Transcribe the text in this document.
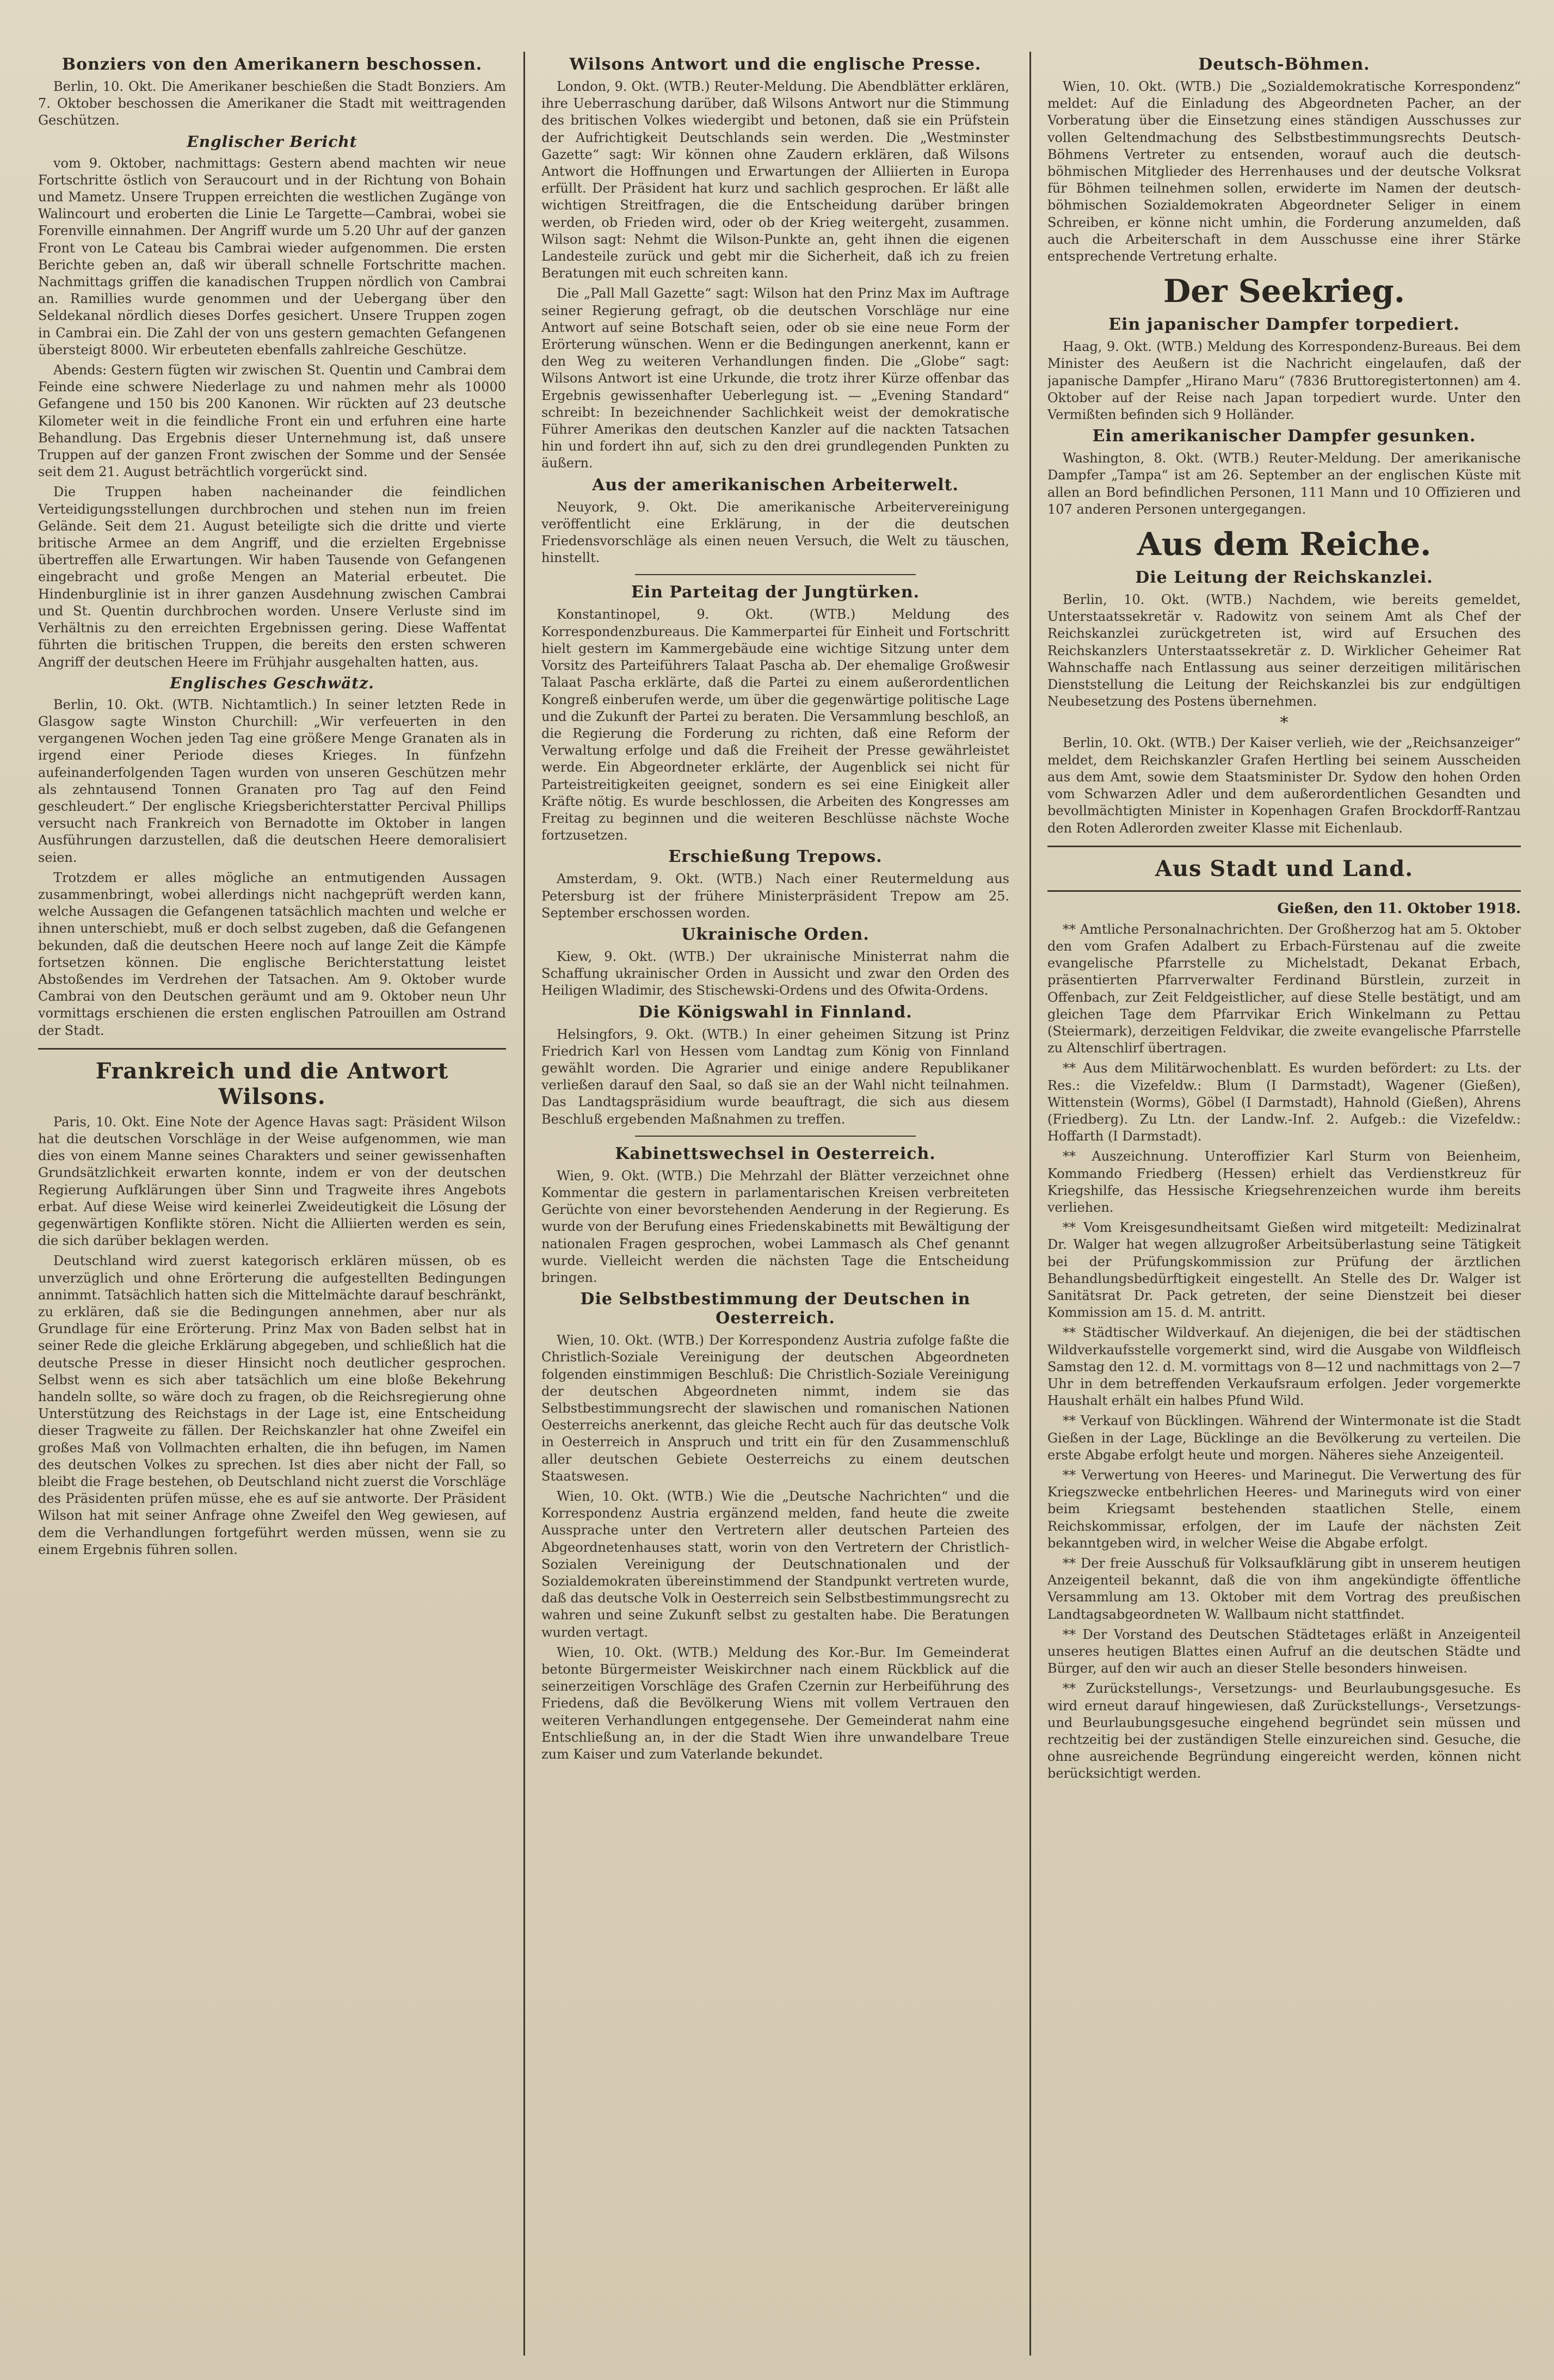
Bonziers von den Amerikanern beschossen.
Berlin, 10. Okt. Die Amerikaner beschießen die Stadt Bonziers. Am 7. Oktober beschossen die Amerikaner die Stadt mit weittragenden Geschützen.
Englischer Bericht
vom 9. Oktober, nachmittags: Gestern abend machten wir neue Fortschritte östlich von Seraucourt und in der Richtung von Bohain und Mametz. Unsere Truppen erreichten die westlichen Zugänge von Walincourt und eroberten die Linie Le Targette—Cambrai, wobei sie Forenville einnahmen. Der Angriff wurde um 5.20 Uhr auf der ganzen Front von Le Cateau bis Cambrai wieder aufgenommen. Die ersten Berichte geben an, daß wir überall schnelle Fortschritte machen. Nachmittags griffen die kanadischen Truppen nördlich von Cambrai an. Ramillies wurde genommen und der Uebergang über den Seldekanal nördlich dieses Dorfes gesichert. Unsere Truppen zogen in Cambrai ein. Die Zahl der von uns gestern gemachten Gefangenen übersteigt 8000. Wir erbeuteten ebenfalls zahlreiche Geschütze.
Abends: Gestern fügten wir zwischen St. Quentin und Cambrai dem Feinde eine schwere Niederlage zu und nahmen mehr als 10000 Gefangene und 150 bis 200 Kanonen. Wir rückten auf 23 deutsche Kilometer weit in die feindliche Front ein und erfuhren eine harte Behandlung. Das Ergebnis dieser Unternehmung ist, daß unsere Truppen auf der ganzen Front zwischen der Somme und der Sensée seit dem 21. August beträchtlich vorgerückt sind.
Die Truppen haben nacheinander die feindlichen Verteidigungsstellungen durchbrochen und stehen nun im freien Gelände. Seit dem 21. August beteiligte sich die dritte und vierte britische Armee an dem Angriff, und die erzielten Ergebnisse übertreffen alle Erwartungen. Wir haben Tausende von Gefangenen eingebracht und große Mengen an Material erbeutet. Die Hindenburglinie ist in ihrer ganzen Ausdehnung zwischen Cambrai und St. Quentin durchbrochen worden. Unsere Verluste sind im Verhältnis zu den erreichten Ergebnissen gering. Diese Waffentat führten die britischen Truppen, die bereits den ersten schweren Angriff der deutschen Heere im Frühjahr ausgehalten hatten, aus.
Englisches Geschwätz.
Berlin, 10. Okt. (WTB. Nichtamtlich.) In seiner letzten Rede in Glasgow sagte Winston Churchill: „Wir verfeuerten in den vergangenen Wochen jeden Tag eine größere Menge Granaten als in irgend einer Periode dieses Krieges. In fünfzehn aufeinanderfolgenden Tagen wurden von unseren Geschützen mehr als zehntausend Tonnen Granaten pro Tag auf den Feind geschleudert.“ Der englische Kriegsberichterstatter Percival Phillips versucht nach Frankreich von Bernadotte im Oktober in langen Ausführungen darzustellen, daß die deutschen Heere demoralisiert seien.
Trotzdem er alles mögliche an entmutigenden Aussagen zusammenbringt, wobei allerdings nicht nachgeprüft werden kann, welche Aussagen die Gefangenen tatsächlich machten und welche er ihnen unterschiebt, muß er doch selbst zugeben, daß die Gefangenen bekunden, daß die deutschen Heere noch auf lange Zeit die Kämpfe fortsetzen können. Die englische Berichterstattung leistet Abstoßendes im Verdrehen der Tatsachen. Am 9. Oktober wurde Cambrai von den Deutschen geräumt und am 9. Oktober neun Uhr vormittags erschienen die ersten englischen Patrouillen am Ostrand der Stadt.
Frankreich und die Antwort Wilsons.
Paris, 10. Okt. Eine Note der Agence Havas sagt: Präsident Wilson hat die deutschen Vorschläge in der Weise aufgenommen, wie man dies von einem Manne seines Charakters und seiner gewissenhaften Grundsätzlichkeit erwarten konnte, indem er von der deutschen Regierung Aufklärungen über Sinn und Tragweite ihres Angebots erbat. Auf diese Weise wird keinerlei Zweideutigkeit die Lösung der gegenwärtigen Konflikte stören. Nicht die Alliierten werden es sein, die sich darüber beklagen werden.
Deutschland wird zuerst kategorisch erklären müssen, ob es unverzüglich und ohne Erörterung die aufgestellten Bedingungen annimmt. Tatsächlich hatten sich die Mittelmächte darauf beschränkt, zu erklären, daß sie die Bedingungen annehmen, aber nur als Grundlage für eine Erörterung. Prinz Max von Baden selbst hat in seiner Rede die gleiche Erklärung abgegeben, und schließlich hat die deutsche Presse in dieser Hinsicht noch deutlicher gesprochen. Selbst wenn es sich aber tatsächlich um eine bloße Bekehrung handeln sollte, so wäre doch zu fragen, ob die Reichsregierung ohne Unterstützung des Reichstags in der Lage ist, eine Entscheidung dieser Tragweite zu fällen. Der Reichskanzler hat ohne Zweifel ein großes Maß von Vollmachten erhalten, die ihn befugen, im Namen des deutschen Volkes zu sprechen. Ist dies aber nicht der Fall, so bleibt die Frage bestehen, ob Deutschland nicht zuerst die Vorschläge des Präsidenten prüfen müsse, ehe es auf sie antworte. Der Präsident Wilson hat mit seiner Anfrage ohne Zweifel den Weg gewiesen, auf dem die Verhandlungen fortgeführt werden müssen, wenn sie zu einem Ergebnis führen sollen.
Wilsons Antwort und die englische Presse.
London, 9. Okt. (WTB.) Reuter-Meldung. Die Abendblätter erklären, ihre Ueberraschung darüber, daß Wilsons Antwort nur die Stimmung des britischen Volkes wiedergibt und betonen, daß sie ein Prüfstein der Aufrichtigkeit Deutschlands sein werden. Die „Westminster Gazette“ sagt: Wir können ohne Zaudern erklären, daß Wilsons Antwort die Hoffnungen und Erwartungen der Alliierten in Europa erfüllt. Der Präsident hat kurz und sachlich gesprochen. Er läßt alle wichtigen Streitfragen, die die Entscheidung darüber bringen werden, ob Frieden wird, oder ob der Krieg weitergeht, zusammen. Wilson sagt: Nehmt die Wilson-Punkte an, geht ihnen die eigenen Landesteile zurück und gebt mir die Sicherheit, daß ich zu freien Beratungen mit euch schreiten kann.
Die „Pall Mall Gazette“ sagt: Wilson hat den Prinz Max im Auftrage seiner Regierung gefragt, ob die deutschen Vorschläge nur eine Antwort auf seine Botschaft seien, oder ob sie eine neue Form der Erörterung wünschen. Wenn er die Bedingungen anerkennt, kann er den Weg zu weiteren Verhandlungen finden. Die „Globe“ sagt: Wilsons Antwort ist eine Urkunde, die trotz ihrer Kürze offenbar das Ergebnis gewissenhafter Ueberlegung ist. — „Evening Standard“ schreibt: In bezeichnender Sachlichkeit weist der demokratische Führer Amerikas den deutschen Kanzler auf die nackten Tatsachen hin und fordert ihn auf, sich zu den drei grundlegenden Punkten zu äußern.
Aus der amerikanischen Arbeiterwelt.
Neuyork, 9. Okt. Die amerikanische Arbeitervereinigung veröffentlicht eine Erklärung, in der die deutschen Friedensvorschläge als einen neuen Versuch, die Welt zu täuschen, hinstellt.
Ein Parteitag der Jungtürken.
Konstantinopel, 9. Okt. (WTB.) Meldung des Korrespondenzbureaus. Die Kammerpartei für Einheit und Fortschritt hielt gestern im Kammergebäude eine wichtige Sitzung unter dem Vorsitz des Parteiführers Talaat Pascha ab. Der ehemalige Großwesir Talaat Pascha erklärte, daß die Partei zu einem außerordentlichen Kongreß einberufen werde, um über die gegenwärtige politische Lage und die Zukunft der Partei zu beraten. Die Versammlung beschloß, an die Regierung die Forderung zu richten, daß eine Reform der Verwaltung erfolge und daß die Freiheit der Presse gewährleistet werde. Ein Abgeordneter erklärte, der Augenblick sei nicht für Parteistreitigkeiten geeignet, sondern es sei eine Einigkeit aller Kräfte nötig. Es wurde beschlossen, die Arbeiten des Kongresses am Freitag zu beginnen und die weiteren Beschlüsse nächste Woche fortzusetzen.
Erschießung Trepows.
Amsterdam, 9. Okt. (WTB.) Nach einer Reutermeldung aus Petersburg ist der frühere Ministerpräsident Trepow am 25. September erschossen worden.
Ukrainische Orden.
Kiew, 9. Okt. (WTB.) Der ukrainische Ministerrat nahm die Schaffung ukrainischer Orden in Aussicht und zwar den Orden des Heiligen Wladimir, des Stischewski-Ordens und des Ofwita-Ordens.
Die Königswahl in Finnland.
Helsingfors, 9. Okt. (WTB.) In einer geheimen Sitzung ist Prinz Friedrich Karl von Hessen vom Landtag zum König von Finnland gewählt worden. Die Agrarier und einige andere Republikaner verließen darauf den Saal, so daß sie an der Wahl nicht teilnahmen. Das Landtagspräsidium wurde beauftragt, die sich aus diesem Beschluß ergebenden Maßnahmen zu treffen.
Kabinettswechsel in Oesterreich.
Wien, 9. Okt. (WTB.) Die Mehrzahl der Blätter verzeichnet ohne Kommentar die gestern in parlamentarischen Kreisen verbreiteten Gerüchte von einer bevorstehenden Aenderung in der Regierung. Es wurde von der Berufung eines Friedenskabinetts mit Bewältigung der nationalen Fragen gesprochen, wobei Lammasch als Chef genannt wurde. Vielleicht werden die nächsten Tage die Entscheidung bringen.
Die Selbstbestimmung der Deutschen in Oesterreich.
Wien, 10. Okt. (WTB.) Der Korrespondenz Austria zufolge faßte die Christlich-Soziale Vereinigung der deutschen Abgeordneten folgenden einstimmigen Beschluß: Die Christlich-Soziale Vereinigung der deutschen Abgeordneten nimmt, indem sie das Selbstbestimmungsrecht der slawischen und romanischen Nationen Oesterreichs anerkennt, das gleiche Recht auch für das deutsche Volk in Oesterreich in Anspruch und tritt ein für den Zusammenschluß aller deutschen Gebiete Oesterreichs zu einem deutschen Staatswesen.
Wien, 10. Okt. (WTB.) Wie die „Deutsche Nachrichten“ und die Korrespondenz Austria ergänzend melden, fand heute die zweite Aussprache unter den Vertretern aller deutschen Parteien des Abgeordnetenhauses statt, worin von den Vertretern der Christlich-Sozialen Vereinigung der Deutschnationalen und der Sozialdemokraten übereinstimmend der Standpunkt vertreten wurde, daß das deutsche Volk in Oesterreich sein Selbstbestimmungsrecht zu wahren und seine Zukunft selbst zu gestalten habe. Die Beratungen wurden vertagt.
Wien, 10. Okt. (WTB.) Meldung des Kor.-Bur. Im Gemeinderat betonte Bürgermeister Weiskirchner nach einem Rückblick auf die seinerzeitigen Vorschläge des Grafen Czernin zur Herbeiführung des Friedens, daß die Bevölkerung Wiens mit vollem Vertrauen den weiteren Verhandlungen entgegensehe. Der Gemeinderat nahm eine Entschließung an, in der die Stadt Wien ihre unwandelbare Treue zum Kaiser und zum Vaterlande bekundet.
Deutsch-Böhmen.
Wien, 10. Okt. (WTB.) Die „Sozialdemokratische Korrespondenz“ meldet: Auf die Einladung des Abgeordneten Pacher, an der Vorberatung über die Einsetzung eines ständigen Ausschusses zur vollen Geltendmachung des Selbstbestimmungsrechts Deutsch-Böhmens Vertreter zu entsenden, worauf auch die deutsch-böhmischen Mitglieder des Herrenhauses und der deutsche Volksrat für Böhmen teilnehmen sollen, erwiderte im Namen der deutsch-böhmischen Sozialdemokraten Abgeordneter Seliger in einem Schreiben, er könne nicht umhin, die Forderung anzumelden, daß auch die Arbeiterschaft in dem Ausschusse eine ihrer Stärke entsprechende Vertretung erhalte.
Der Seekrieg.
Ein japanischer Dampfer torpediert.
Haag, 9. Okt. (WTB.) Meldung des Korrespondenz-Bureaus. Bei dem Minister des Aeußern ist die Nachricht eingelaufen, daß der japanische Dampfer „Hirano Maru“ (7836 Bruttoregistertonnen) am 4. Oktober auf der Reise nach Japan torpediert wurde. Unter den Vermißten befinden sich 9 Holländer.
Ein amerikanischer Dampfer gesunken.
Washington, 8. Okt. (WTB.) Reuter-Meldung. Der amerikanische Dampfer „Tampa“ ist am 26. September an der englischen Küste mit allen an Bord befindlichen Personen, 111 Mann und 10 Offizieren und 107 anderen Personen untergegangen.
Aus dem Reiche.
Die Leitung der Reichskanzlei.
Berlin, 10. Okt. (WTB.) Nachdem, wie bereits gemeldet, Unterstaatssekretär v. Radowitz von seinem Amt als Chef der Reichskanzlei zurückgetreten ist, wird auf Ersuchen des Reichskanzlers Unterstaatssekretär z. D. Wirklicher Geheimer Rat Wahnschaffe nach Entlassung aus seiner derzeitigen militärischen Dienststellung die Leitung der Reichskanzlei bis zur endgültigen Neubesetzung des Postens übernehmen.
*
Berlin, 10. Okt. (WTB.) Der Kaiser verlieh, wie der „Reichsanzeiger“ meldet, dem Reichskanzler Grafen Hertling bei seinem Ausscheiden aus dem Amt, sowie dem Staatsminister Dr. Sydow den hohen Orden vom Schwarzen Adler und dem außerordentlichen Gesandten und bevollmächtigten Minister in Kopenhagen Grafen Brockdorff-Rantzau den Roten Adlerorden zweiter Klasse mit Eichenlaub.
Aus Stadt und Land.
Gießen, den 11. Oktober 1918.
** Amtliche Personalnachrichten. Der Großherzog hat am 5. Oktober den vom Grafen Adalbert zu Erbach-Fürstenau auf die zweite evangelische Pfarrstelle zu Michelstadt, Dekanat Erbach, präsentierten Pfarrverwalter Ferdinand Bürstlein, zurzeit in Offenbach, zur Zeit Feldgeistlicher, auf diese Stelle bestätigt, und am gleichen Tage dem Pfarrvikar Erich Winkelmann zu Pettau (Steiermark), derzeitigen Feldvikar, die zweite evangelische Pfarrstelle zu Altenschlirf übertragen.
** Aus dem Militärwochenblatt. Es wurden befördert: zu Lts. der Res.: die Vizefeldw.: Blum (I Darmstadt), Wagener (Gießen), Wittenstein (Worms), Göbel (I Darmstadt), Hahnold (Gießen), Ahrens (Friedberg). Zu Ltn. der Landw.-Inf. 2. Aufgeb.: die Vizefeldw.: Hoffarth (I Darmstadt).
** Auszeichnung. Unteroffizier Karl Sturm von Beienheim, Kommando Friedberg (Hessen) erhielt das Verdienstkreuz für Kriegshilfe, das Hessische Kriegsehrenzeichen wurde ihm bereits verliehen.
** Vom Kreisgesundheitsamt Gießen wird mitgeteilt: Medizinalrat Dr. Walger hat wegen allzugroßer Arbeitsüberlastung seine Tätigkeit bei der Prüfungskommission zur Prüfung der ärztlichen Behandlungsbedürftigkeit eingestellt. An Stelle des Dr. Walger ist Sanitätsrat Dr. Pack getreten, der seine Dienstzeit bei dieser Kommission am 15. d. M. antritt.
** Städtischer Wildverkauf. An diejenigen, die bei der städtischen Wildverkaufsstelle vorgemerkt sind, wird die Ausgabe von Wildfleisch Samstag den 12. d. M. vormittags von 8—12 und nachmittags von 2—7 Uhr in dem betreffenden Verkaufsraum erfolgen. Jeder vorgemerkte Haushalt erhält ein halbes Pfund Wild.
** Verkauf von Bücklingen. Während der Wintermonate ist die Stadt Gießen in der Lage, Bücklinge an die Bevölkerung zu verteilen. Die erste Abgabe erfolgt heute und morgen. Näheres siehe Anzeigenteil.
** Verwertung von Heeres- und Marinegut. Die Verwertung des für Kriegszwecke entbehrlichen Heeres- und Marineguts wird von einer beim Kriegsamt bestehenden staatlichen Stelle, einem Reichskommissar, erfolgen, der im Laufe der nächsten Zeit bekanntgeben wird, in welcher Weise die Abgabe erfolgt.
** Der freie Ausschuß für Volksaufklärung gibt in unserem heutigen Anzeigenteil bekannt, daß die von ihm angekündigte öffentliche Versammlung am 13. Oktober mit dem Vortrag des preußischen Landtagsabgeordneten W. Wallbaum nicht stattfindet.
** Der Vorstand des Deutschen Städtetages erläßt in Anzeigenteil unseres heutigen Blattes einen Aufruf an die deutschen Städte und Bürger, auf den wir auch an dieser Stelle besonders hinweisen.
** Zurückstellungs-, Versetzungs- und Beurlaubungsgesuche. Es wird erneut darauf hingewiesen, daß Zurückstellungs-, Versetzungs- und Beurlaubungsgesuche eingehend begründet sein müssen und rechtzeitig bei der zuständigen Stelle einzureichen sind. Gesuche, die ohne ausreichende Begründung eingereicht werden, können nicht berücksichtigt werden.
